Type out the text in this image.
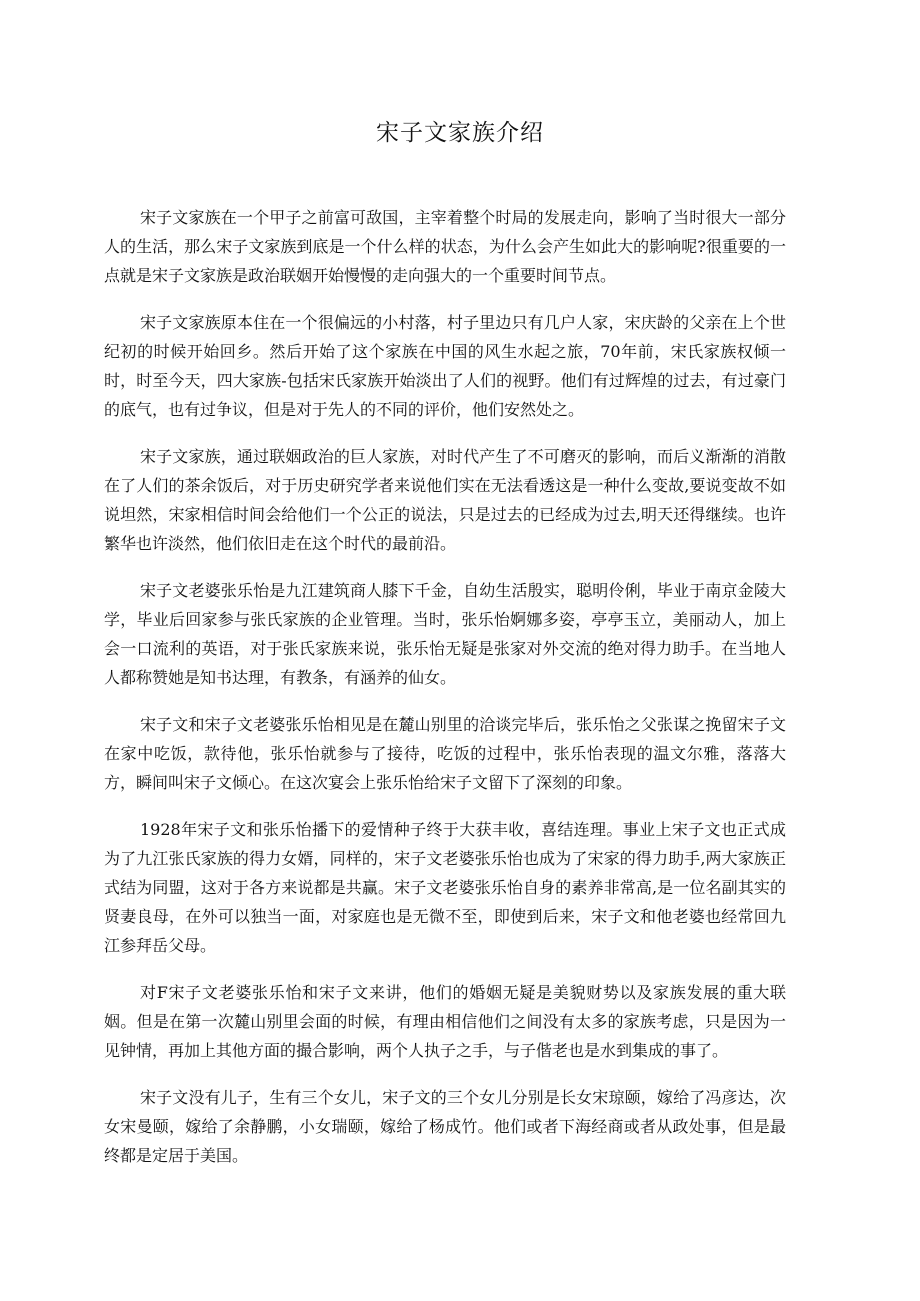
宋子文家族介绍

宋子文家族在一个甲子之前富可敌国，主宰着整个时局的发展走向，影响了当时很大一部分人的生活，那么宋子文家族到底是一个什么样的状态，为什么会产生如此大的影响呢?很重要的一点就是宋子文家族是政治联姻开始慢慢的走向强大的一个重要时间节点。

宋子文家族原本住在一个很偏远的小村落，村子里边只有几户人家，宋庆龄的父亲在上个世纪初的时候开始回乡。然后开始了这个家族在中国的风生水起之旅，70年前，宋氏家族权倾一时，时至今天，四大家族-包括宋氏家族开始淡出了人们的视野。他们有过辉煌的过去，有过豪门的底气，也有过争议，但是对于先人的不同的评价，他们安然处之。

宋子文家族，通过联姻政治的巨人家族，对时代产生了不可磨灭的影响，而后义渐渐的消散在了人们的茶余饭后，对于历史研究学者来说他们实在无法看透这是一种什么变故,要说变故不如说坦然，宋家相信时间会给他们一个公正的说法，只是过去的已经成为过去,明天还得继续。也许繁华也许淡然，他们依旧走在这个时代的最前沿。

宋子文老婆张乐怡是九江建筑商人膝下千金，自幼生活殷实，聪明伶俐，毕业于南京金陵大学，毕业后回家参与张氏家族的企业管理。当时，张乐怡婀娜多姿，亭亭玉立，美丽动人，加上会一口流利的英语，对于张氏家族来说，张乐怡无疑是张家对外交流的绝对得力助手。在当地人人都称赞她是知书达理，有教条，有涵养的仙女。

宋子文和宋子文老婆张乐怡相见是在麓山别里的洽谈完毕后，张乐怡之父张谋之挽留宋子文在家中吃饭，款待他，张乐怡就参与了接待，吃饭的过程中，张乐怡表现的温文尔雅，落落大方，瞬间叫宋子文倾心。在这次宴会上张乐怡给宋子文留下了深刻的印象。

1928年宋子文和张乐怡播下的爱情种子终于大获丰收，喜结连理。事业上宋子文也正式成为了九江张氏家族的得力女婿，同样的，宋子文老婆张乐怡也成为了宋家的得力助手,两大家族正式结为同盟，这对于各方来说都是共赢。宋子文老婆张乐怡自身的素养非常高,是一位名副其实的贤妻良母，在外可以独当一面，对家庭也是无微不至，即使到后来，宋子文和他老婆也经常回九江参拜岳父母。

对F宋子文老婆张乐怡和宋子文来讲，他们的婚姻无疑是美貌财势以及家族发展的重大联姻。但是在第一次麓山别里会面的时候，有理由相信他们之间没有太多的家族考虑，只是因为一见钟情，再加上其他方面的撮合影响，两个人执子之手，与子偕老也是水到集成的事了。

宋子文没有儿子，生有三个女儿，宋子文的三个女儿分别是长女宋琼颐，嫁给了冯彦达，次女宋曼颐，嫁给了余静鹏，小女瑞颐，嫁给了杨成竹。他们或者下海经商或者从政处事，但是最终都是定居于美国。
